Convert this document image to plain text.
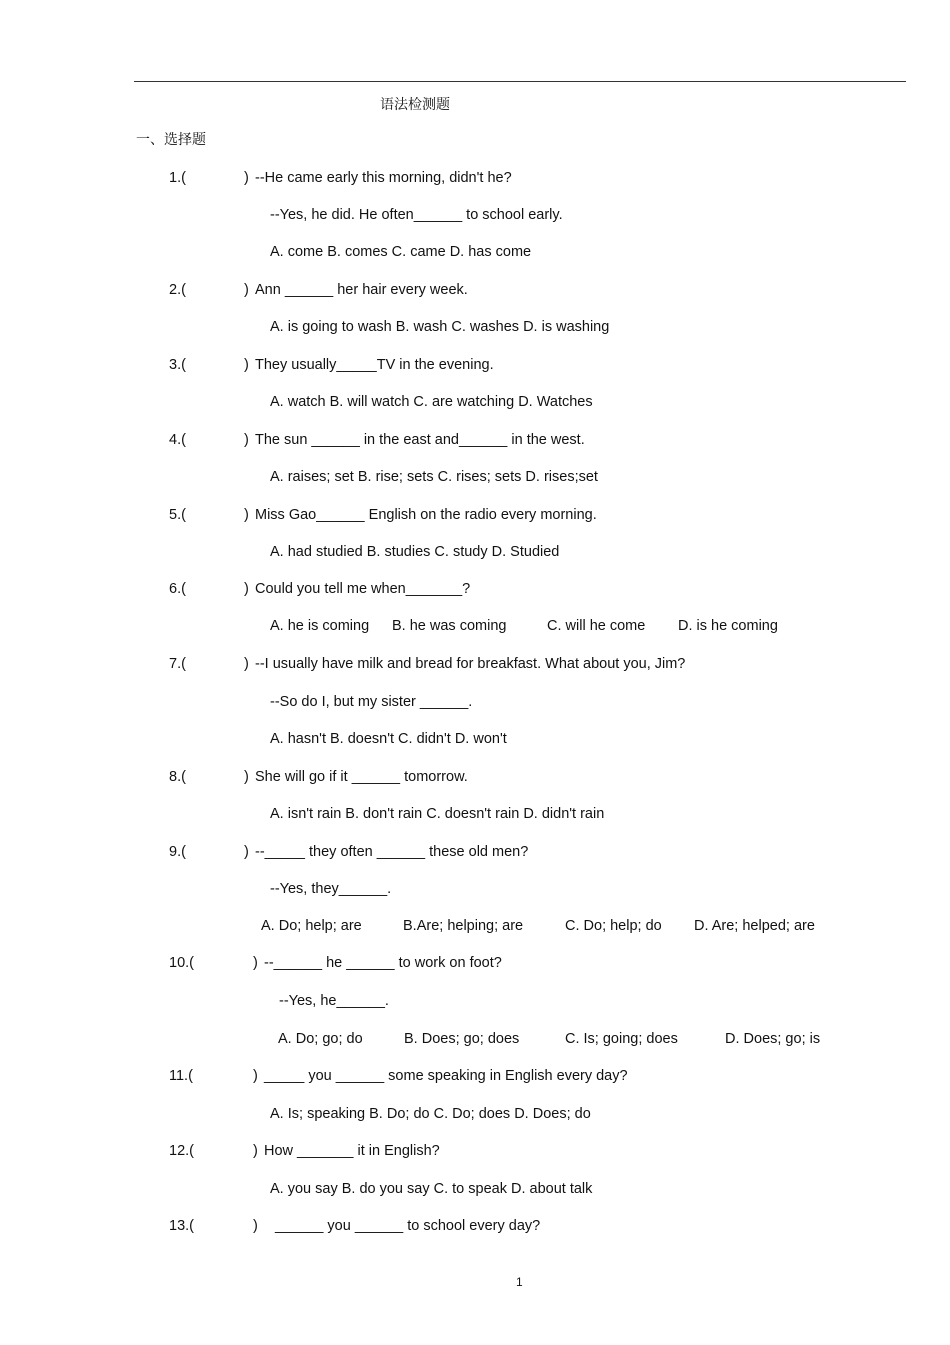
语法检测题
一、选择题
1.(	) --He came early this morning, didn't he?
--Yes, he did. He often______ to school early.
A. come B. comes C. came D. has come
2.(	) Ann ______ her hair every week.
A. is going to wash B. wash C. washes D. is washing
3.(	) They usually_____TV in the evening.
A. watch B. will watch C. are watching D. Watches
4.(	) The sun ______ in the east and______ in the west.
A. raises; set B. rise; sets C. rises; sets D. rises;set
5.(	) Miss Gao______ English on the radio every morning.
A. had studied B. studies C. study D. Studied
6.(	) Could you tell me when_______?
A. he is coming B. he was coming	C. will he come D. is he coming
7.(	) --I usually have milk and bread for breakfast. What about you, Jim?
--So do I, but my sister ______.
A. hasn't B. doesn't C. didn't D. won't
8.(	) She will go if it ______ tomorrow.
A. isn't rain B. don't rain C. doesn't rain D. didn't rain
9.(	) --_____ they often ______ these old men?
--Yes, they______.
A. Do; help; are	B.Are; helping; are	C. Do; help; do D. Are; helped; are
10.(	) --______ he ______ to work on foot?
--Yes, he______.
A. Do; go; do	B. Does; go; does	C. Is; going; does	D. Does; go; is
11.(	) _____ you ______ some speaking in English every day?
A. Is; speaking B. Do; do C. Do; does D. Does; do
12.(	) How _______ it in English?
A. you say B. do you say C. to speak D. about talk
13.(	) ______ you ______ to school every day?
1
